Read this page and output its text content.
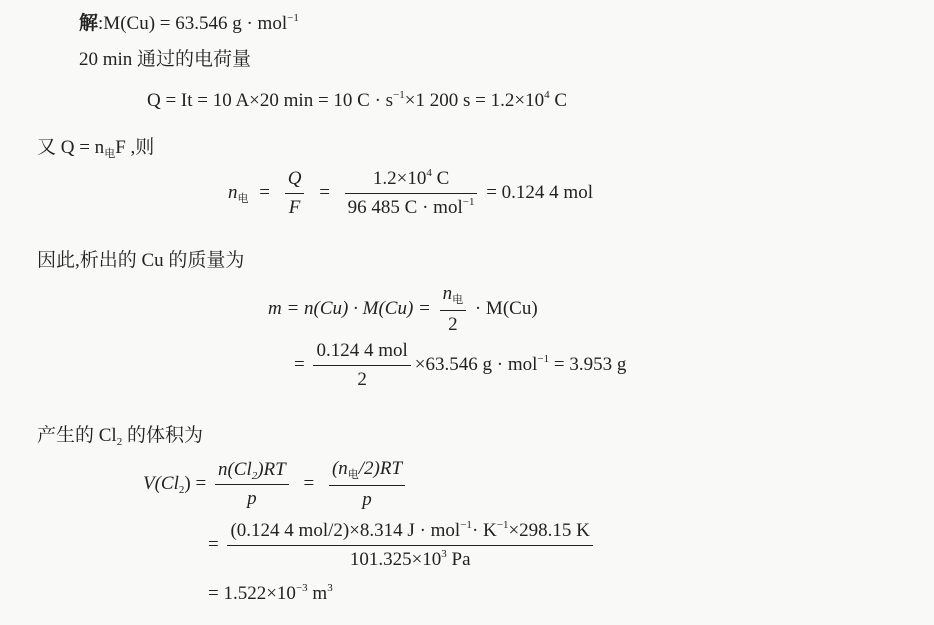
解:M(Cu) = 63.546 g · mol$^{-1}$
20 min 通过的电荷量
Q = It = 10 A×20 min = 10 $C \cdot s^{-1}\times 1$ 200 $s = 1.2\times 10^4$ C
又 $Q = n_电F$ ,则
$n_电 = \frac{Q}{F} = \frac{1.2\times 10^4 C}{96 485 C \cdot mol^{-1}} = 0.124$ 4 mol
因此,析出的 Cu 的质量为
$m = n(Cu) \cdot M(Cu) = \frac{n_电}{2} \cdot M(Cu)$
= $\frac{\text{0.124 4 mol}}{2} \times 63.546$ g · mol$^{-1}$ = 3.953 g
产生的 $Cl_2$ 的体积为
$V(Cl_2) = \frac{n(Cl_2)RT}{p} = \frac{(n_电/2)RT}{p}$
= $\frac{(0.124 4 mol/2)\times 8.314 J \cdot mol^{-1}\cdot K^{-1}\times 298.15 K}{101.325\times 10^3 Pa}$
= $1.522\times 10^{-3}$ $m^3$
